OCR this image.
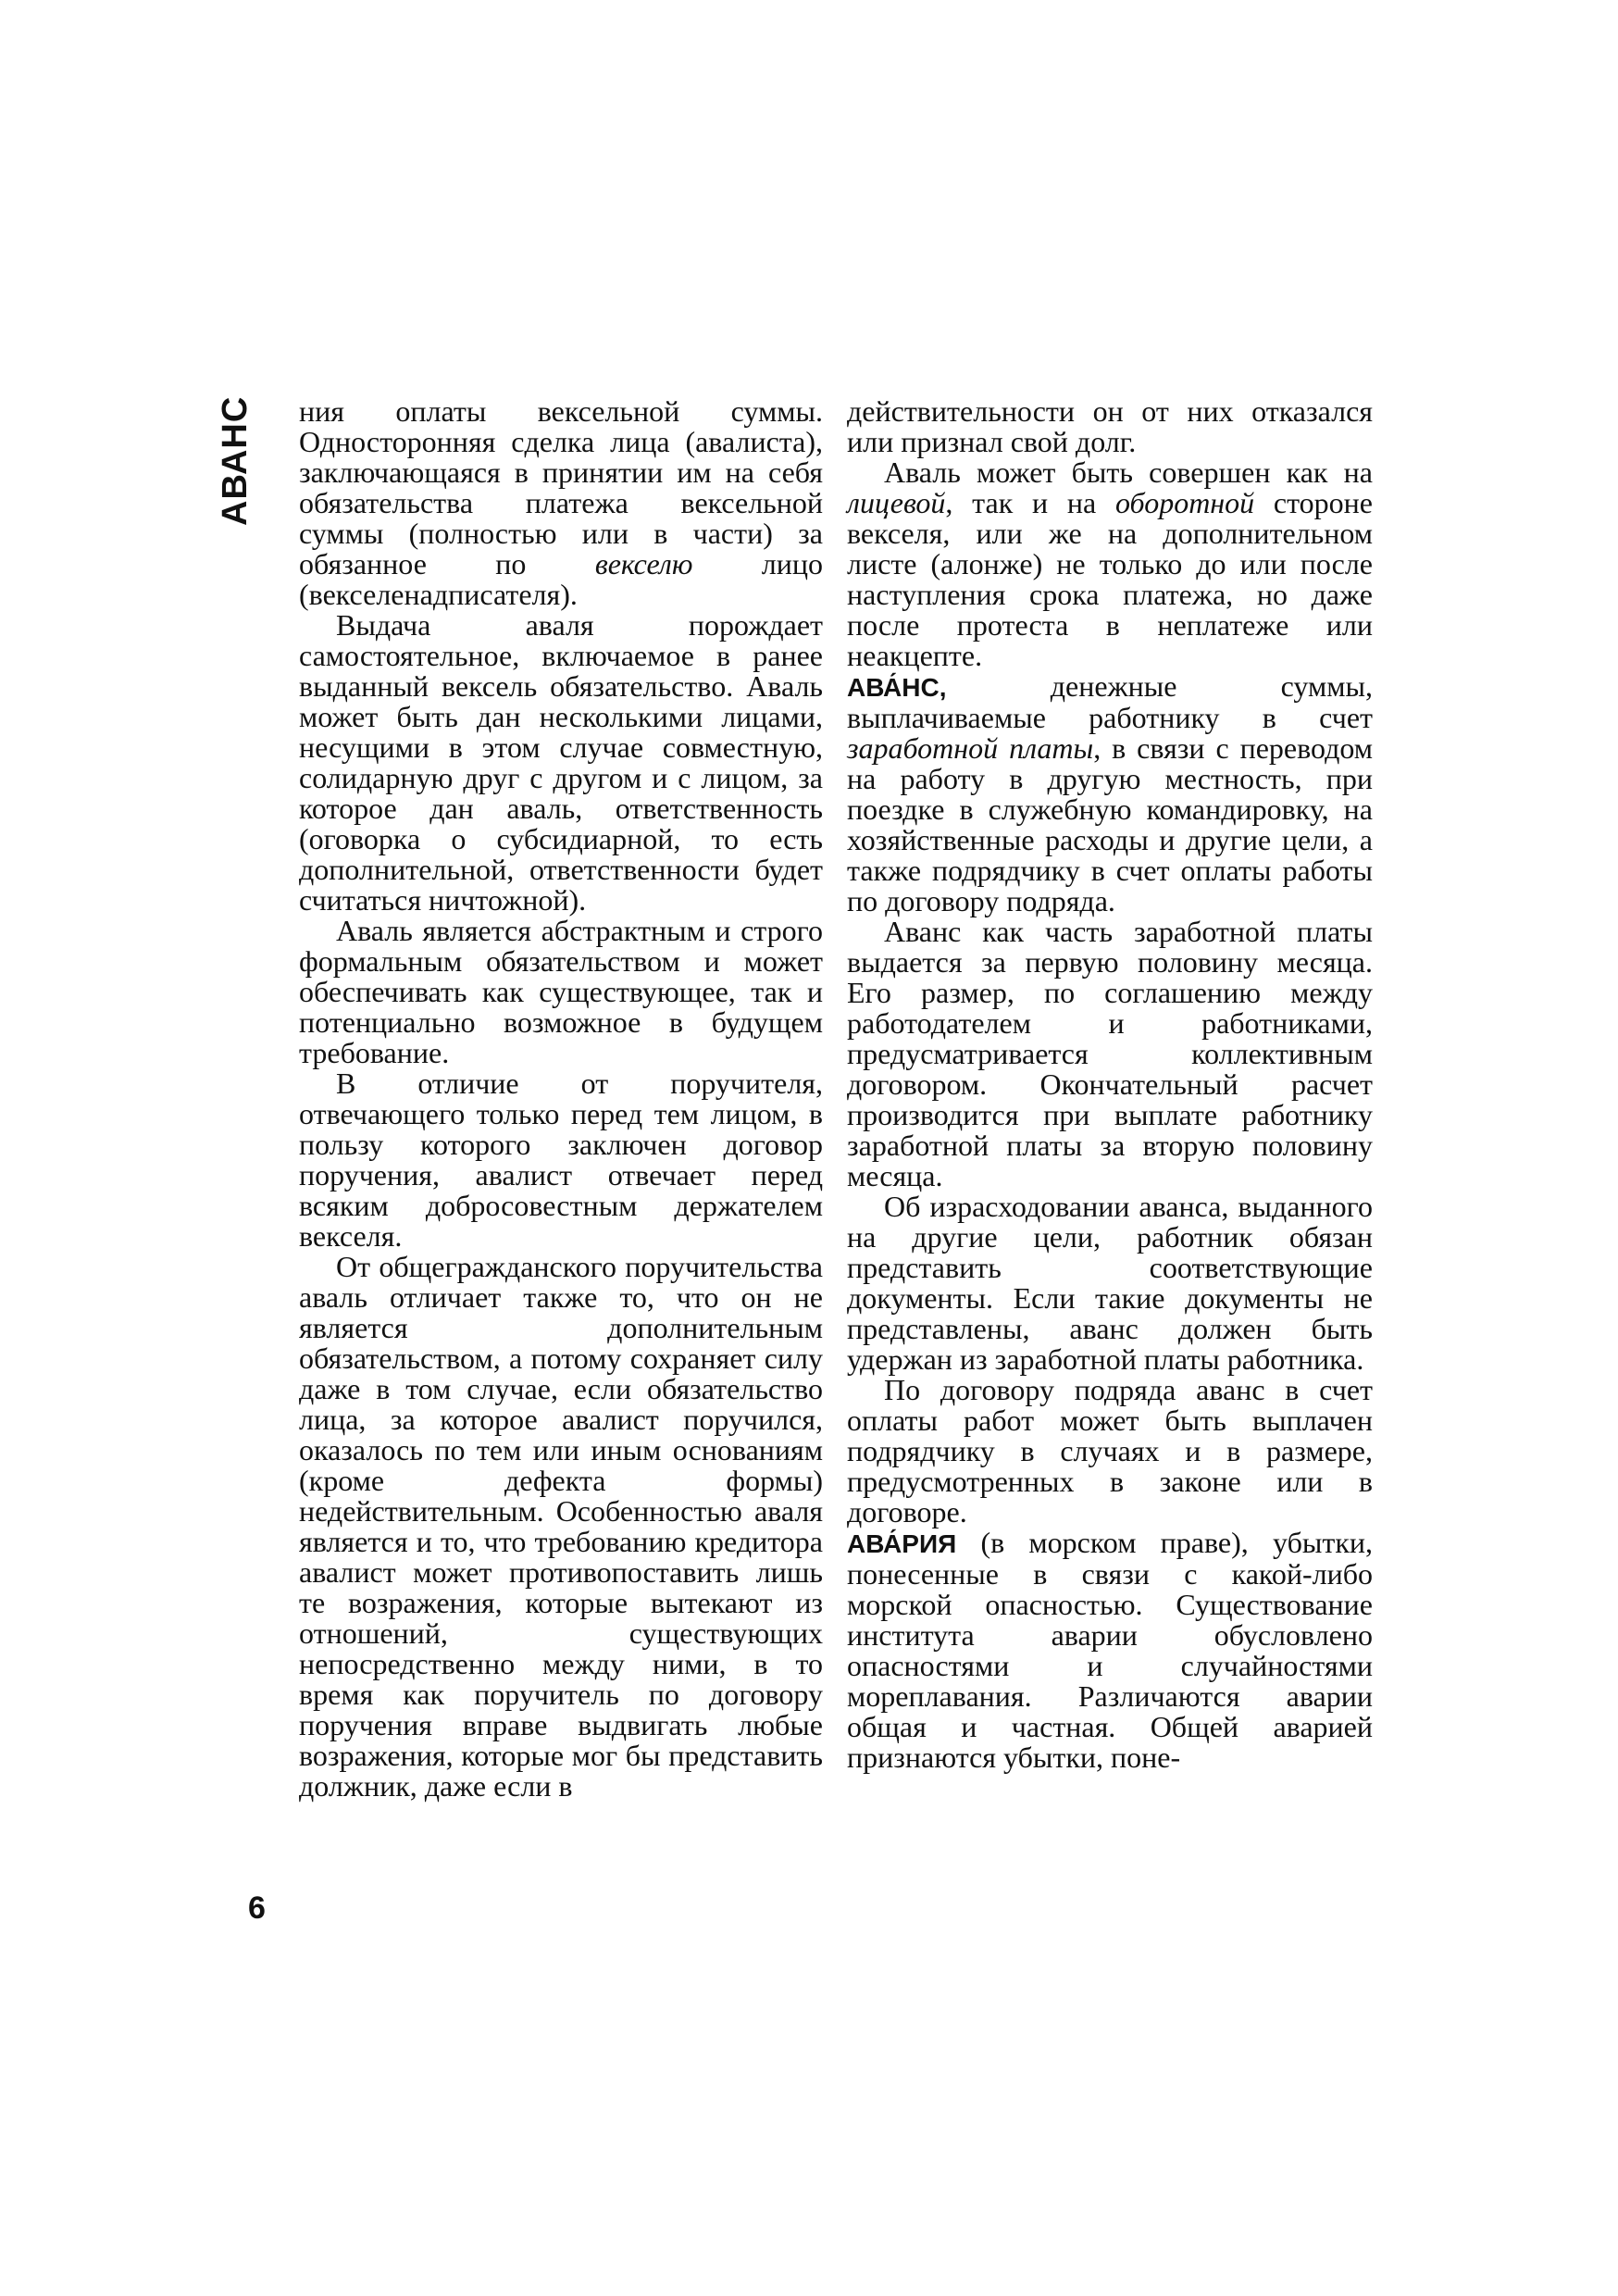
АВАНС
6

ния оплаты вексельной суммы. Односторонняя сделка лица (авалиста), заключающаяся в принятии им на себя обязательства платежа вексельной суммы (полностью или в части) за обязанное по векселю лицо (векселенадписателя).

Выдача аваля порождает самостоятельное, включаемое в ранее выданный вексель обязательство. Аваль может быть дан несколькими лицами, несущими в этом случае совместную, солидарную друг с другом и с лицом, за которое дан аваль, ответственность (оговорка о субсидиарной, то есть дополнительной, ответственности будет считаться ничтожной).

Аваль является абстрактным и строго формальным обязательством и может обеспечивать как существующее, так и потенциально возможное в будущем требование.

В отличие от поручителя, отвечающего только перед тем лицом, в пользу которого заключен договор поручения, авалист отвечает перед всяким добросовестным держателем векселя.

От общегражданского поручительства аваль отличает также то, что он не является дополнительным обязательством, а потому сохраняет силу даже в том случае, если обязательство лица, за которое авалист поручился, оказалось по тем или иным основаниям (кроме дефекта формы) недействительным. Особенностью аваля является и то, что требованию кредитора авалист может противопоставить лишь те возражения, которые вытекают из отношений, существующих непосредственно между ними, в то время как поручитель по договору поручения вправе выдвигать любые возражения, которые мог бы представить должник, даже если в

действительности он от них отказался или признал свой долг.

Аваль может быть совершен как на лицевой, так и на оборотной стороне векселя, или же на дополнительном листе (алонже) не только до или после наступления срока платежа, но даже после протеста в неплатеже или неакцепте.

АВА́НС,	денежные суммы, выплачиваемые работнику в счет заработной платы, в связи с переводом на работу в другую местность, при поездке в служебную командировку, на хозяйственные расходы и другие цели, а также подрядчику в счет оплаты работы по договору подряда.

Аванс как часть заработной платы выдается за первую половину месяца. Его размер, по соглашению между работодателем и работниками, предусматривается коллективным договором. Окончательный расчет производится при выплате работнику заработной платы за вторую половину месяца.

Об израсходовании аванса, выданного на другие цели, работник обязан представить соответствующие документы. Если такие документы не представлены, аванс должен быть удержан из заработной платы работника.

По договору подряда аванс в счет оплаты работ может быть выплачен подрядчику в случаях и в размере, предусмотренных в законе или в договоре.

АВА́РИЯ (в морском праве), убытки, понесенные в связи с какой-либо морской опасностью. Существование института аварии обусловлено опасностями и случайностями мореплавания. Различаются аварии общая и частная. Общей аварией признаются убытки, поне-
